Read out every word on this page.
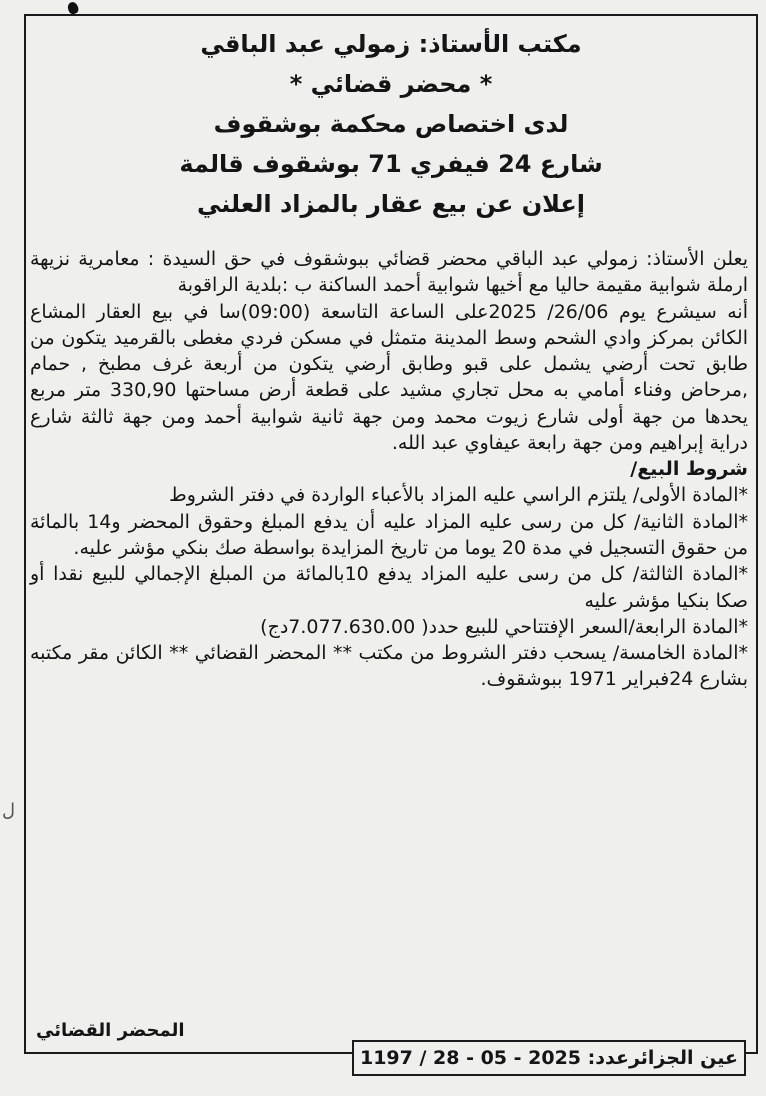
ل

مكتب الأستاذ: زمولي عبد الباقي

* محضر قضائي *

لدى اختصاص محكمة بوشقوف

شارع 24 فيفري 71 بوشقوف قالمة

إعلان عن بيع عقار بالمزاد العلني

يعلن الأستاذ: زمولي عبد الباقي محضر قضائي ببوشقوف في حق السيدة : معامرية نزيهة ارملة شوابية مقيمة حاليا مع أخيها شوابية أحمد الساكنة ب :بلدية الراقوبة

أنه سيشرع يوم 26/06/ 2025على الساعة التاسعة (09:00)سا في بيع العقار المشاع الكائن بمركز وادي الشحم وسط المدينة متمثل في مسكن فردي مغطى بالقرميد يتكون من طابق تحت أرضي يشمل على قبو وطابق أرضي يتكون من أربعة غرف مطبخ , حمام ,مرحاض وفناء أمامي به محل تجاري مشيد على قطعة أرض مساحتها 330,90 متر مربع يحدها من جهة أولى شارع زيوت محمد ومن جهة ثانية شوابية أحمد ومن جهة ثالثة شارع دراية إبراهيم ومن جهة رابعة عيفاوي عبد الله.

شروط البيع/

*المادة الأولى/ يلتزم الراسي عليه المزاد بالأعباء الواردة في دفتر الشروط

*المادة الثانية/ كل من رسى عليه المزاد عليه أن يدفع المبلغ وحقوق المحضر و14 بالمائة من حقوق التسجيل في مدة 20 يوما من تاريخ المزايدة بواسطة صك بنكي مؤشر عليه.

*المادة الثالثة/ كل من رسى عليه المزاد يدفع 10بالمائة من المبلغ الإجمالي للبيع نقدا أو صكا بنكيا مؤشر عليه

*المادة الرابعة/السعر الإفتتاحي للبيع حدد( 7.077.630.00دج)

*المادة الخامسة/ يسحب دفتر الشروط من مكتب ** المحضر القضائي ** الكائن مقر مكتبه بشارع 24فبراير 1971 ببوشقوف.

المحضر القضائي
عين الجزائرعدد: 1197 / 28 - 05 - 2025
